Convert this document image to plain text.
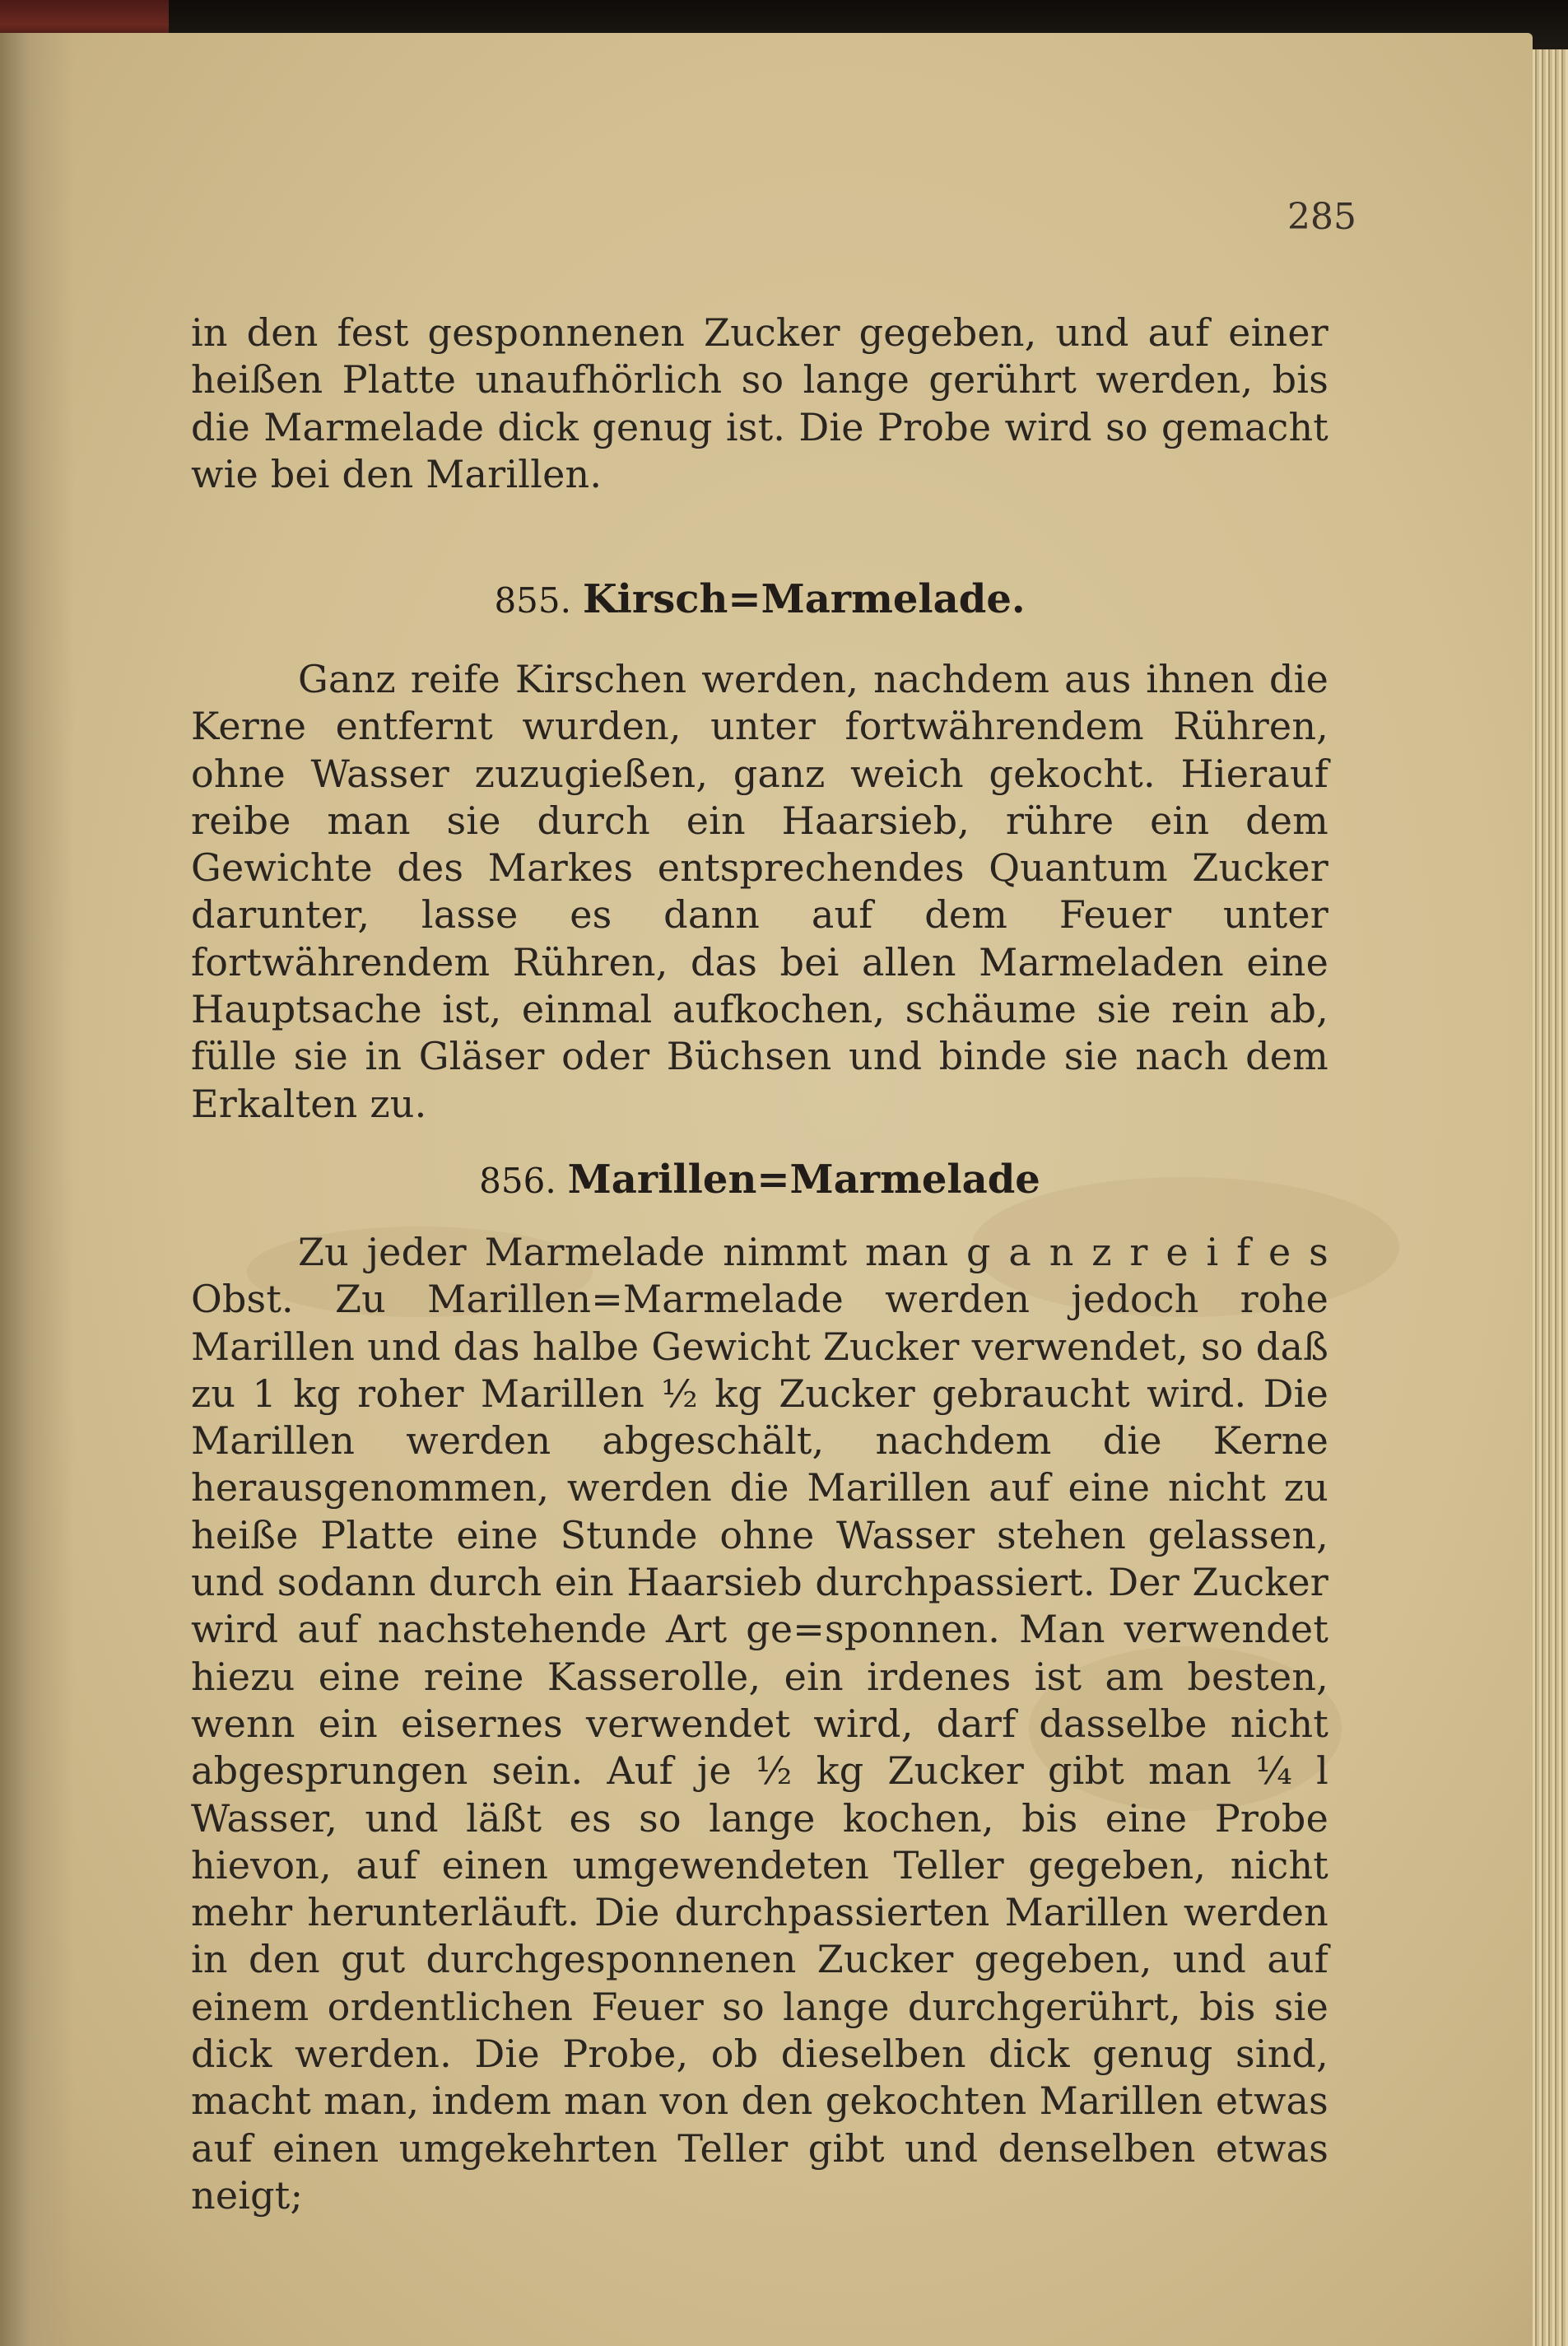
285

in den fest gesponnenen Zucker gegeben, und auf einer heißen Platte unaufhörlich so lange gerührt werden, bis die Marmelade dick genug ist. Die Probe wird so gemacht wie bei den Marillen.

855. Kirsch=Marmelade.

Ganz reife Kirschen werden, nachdem aus ihnen die Kerne entfernt wurden, unter fortwährendem Rühren, ohne Wasser zuzugießen, ganz weich gekocht. Hierauf reibe man sie durch ein Haarsieb, rühre ein dem Gewichte des Markes entsprechendes Quantum Zucker darunter, lasse es dann auf dem Feuer unter fortwährendem Rühren, das bei allen Marmeladen eine Hauptsache ist, einmal aufkochen, schäume sie rein ab, fülle sie in Gläser oder Büchsen und binde sie nach dem Erkalten zu.

856. Marillen=Marmelade

Zu jeder Marmelade nimmt man g a n z r e i f e s Obst. Zu Marillen=Marmelade werden jedoch rohe Marillen und das halbe Gewicht Zucker verwendet, so daß zu 1 kg roher Marillen ½ kg Zucker gebraucht wird. Die Marillen werden abgeschält, nachdem die Kerne herausgenommen, werden die Marillen auf eine nicht zu heiße Platte eine Stunde ohne Wasser stehen gelassen, und sodann durch ein Haarsieb durchpassiert. Der Zucker wird auf nachstehende Art ge=sponnen. Man verwendet hiezu eine reine Kasserolle, ein irdenes ist am besten, wenn ein eisernes verwendet wird, darf dasselbe nicht abgesprungen sein. Auf je ½ kg Zucker gibt man ¼ l Wasser, und läßt es so lange kochen, bis eine Probe hievon, auf einen umgewendeten Teller gegeben, nicht mehr herunterläuft. Die durchpassierten Marillen werden in den gut durchgesponnenen Zucker gegeben, und auf einem ordentlichen Feuer so lange durchgerührt, bis sie dick werden. Die Probe, ob dieselben dick genug sind, macht man, indem man von den gekochten Marillen etwas auf einen umgekehrten Teller gibt und denselben etwas neigt;
